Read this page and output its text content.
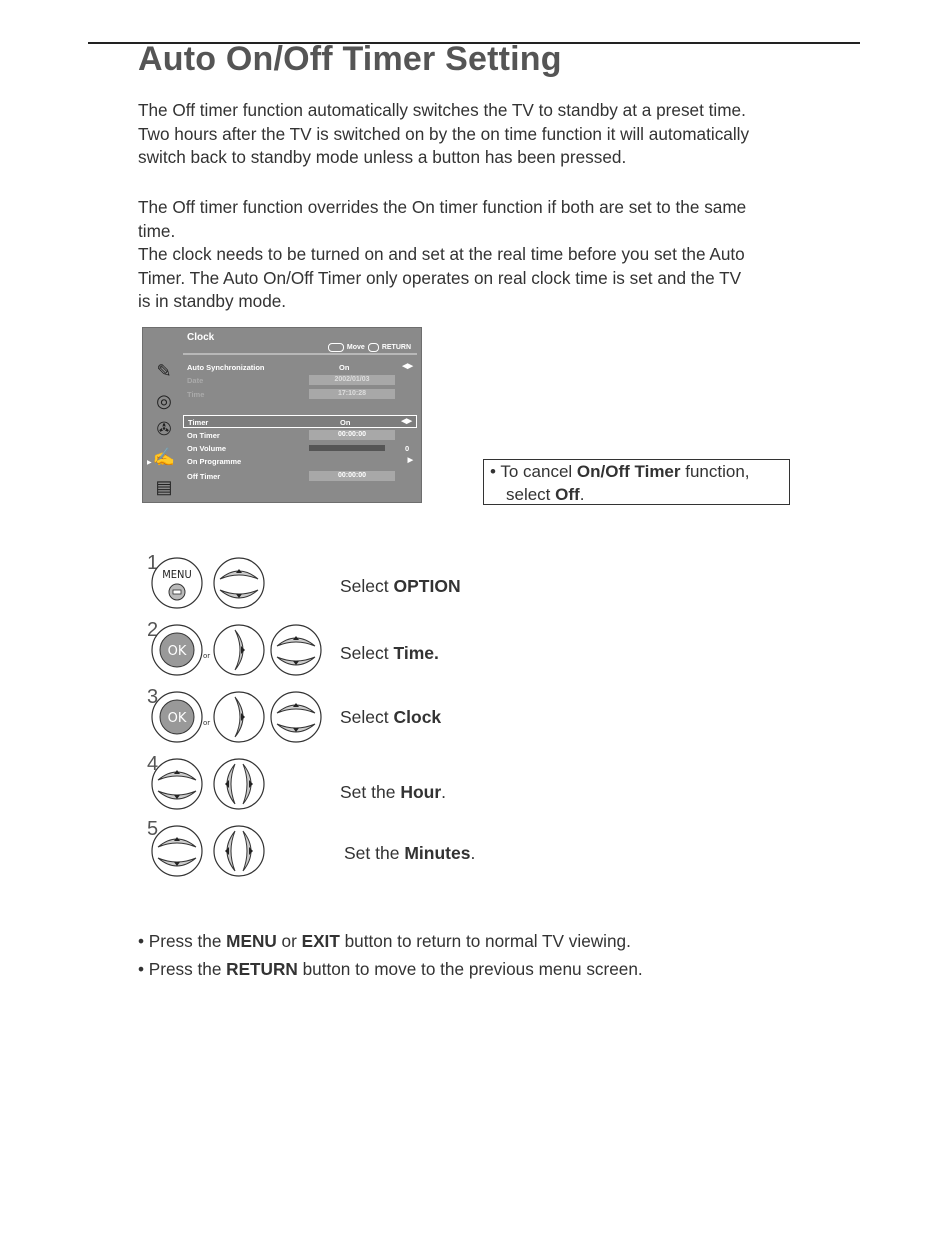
Auto On/Off Timer Setting
The Off timer function automatically switches the TV to standby at a preset time.
Two hours after the TV is switched on by the on time function it will automatically
switch back to standby mode unless a button has been pressed.
The Off timer function overrides the On timer function if both are set to the same
time.
The clock needs to be turned on and set at the real time before you set the Auto
Timer. The Auto On/Off Timer only operates on real clock time is set and the TV
is in standby mode.
Clock
Move RETURN
✎
◎
✇
✍
▤
▶
Auto Synchronization	On	◀▶
Date	2002/01/03
Time	17:10:28
Timer	On	◀▶
On Timer	00:00:00
On Volume	0
On Programme	▶
Off Timer	00:00:00	• To cancel On/Off Timer function,
select Off.
1
MENU
Select OPTION
2
OK or	Select Time.
3
OK or	Select Clock
4
Set the Hour.
5
Set the Minutes.
• Press the MENU or EXIT button to return to normal TV viewing.
• Press the RETURN button to move to the previous menu screen.
